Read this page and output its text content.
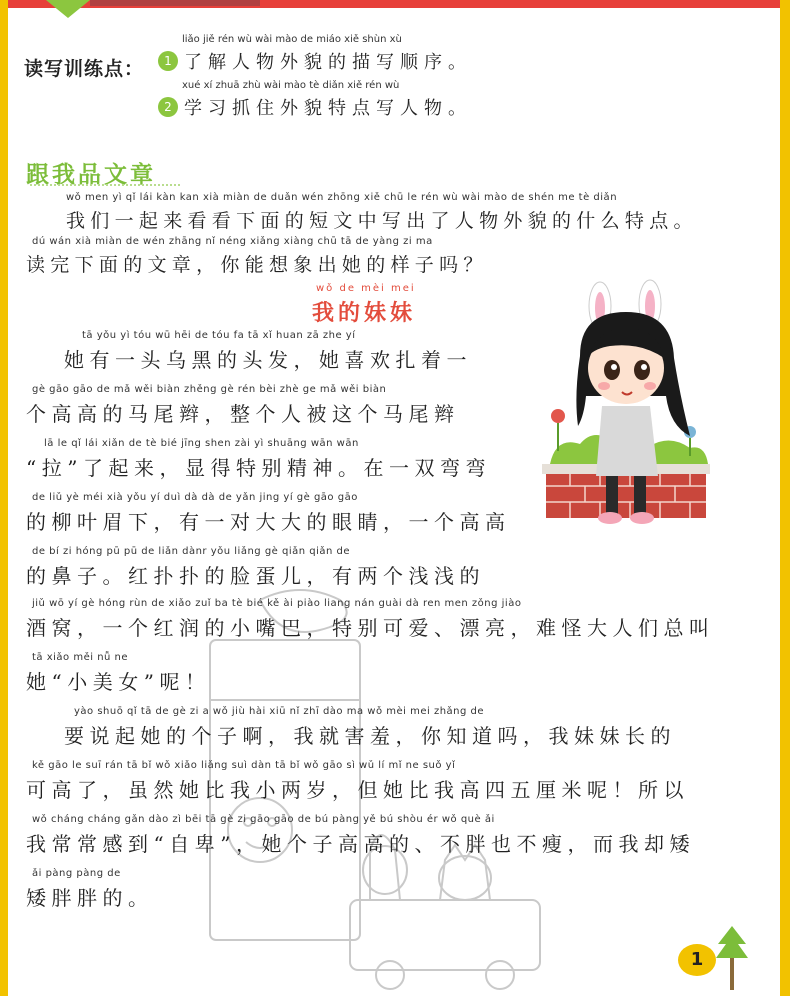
读写训练点：
liǎo jiě rén wù wài mào de miáo xiě shùn xù
1 了解人物外貌的描写顺序。
xué xí zhuā zhù wài mào tè diǎn xiě rén wù
2 学习抓住外貌特点写人物。
跟我品文章
wǒ men yì qǐ lái kàn kan xià miàn de duǎn wén zhōng xiě chū le rén wù wài mào de shén me tè diǎn
我们一起来看看下面的短文中写出了人物外貌的什么特点。
dú wán xià miàn de wén zhāng nǐ néng xiǎng xiàng chū tā de yàng zi ma
读完下面的文章，你能想象出她的样子吗？
wǒ de mèi mei
我的妹妹
tā yǒu yì tóu wū hēi de tóu fa tā xǐ huan zā zhe yí
她有一头乌黑的头发，她喜欢扎着一
gè gāo gāo de mǎ wěi biàn zhěng gè rén bèi zhè ge mǎ wěi biàn
个高高的马尾辫，整个人被这个马尾辫
lā le qǐ lái xiǎn de tè bié jīng shen zài yì shuāng wān wān
“拉”了起来，显得特别精神。在一双弯弯
de liǔ yè méi xià yǒu yí duì dà dà de yǎn jing yí gè gāo gāo
的柳叶眉下，有一对大大的眼睛，一个高高
de bí zi hóng pū pū de liǎn dànr yǒu liǎng gè qiǎn qiǎn de
的鼻子。红扑扑的脸蛋儿，有两个浅浅的
jiǔ wō yí gè hóng rùn de xiǎo zuǐ ba tè bié kě ài piào liang nán guài dà ren men zǒng jiào
酒窝，一个红润的小嘴巴，特别可爱、漂亮，难怪大人们总叫
tā xiǎo měi nǚ ne
她“小美女”呢！
yào shuō qǐ tā de gè zi a wǒ jiù hài xiū nǐ zhī dào ma wǒ mèi mei zhǎng de
要说起她的个子啊，我就害羞，你知道吗，我妹妹长的
kě gāo le suī rán tā bǐ wǒ xiǎo liǎng suì dàn tā bǐ wǒ gāo sì wǔ lí mǐ ne suǒ yǐ
可高了，虽然她比我小两岁，但她比我高四五厘米呢！所以
wǒ cháng cháng gǎn dào zì bēi tā gè zi gāo gāo de bú pàng yě bú shòu ér wǒ què ǎi
我常常感到“自卑”，她个子高高的、不胖也不瘦，而我却矮
ǎi pàng pàng de
矮胖胖的。
1
